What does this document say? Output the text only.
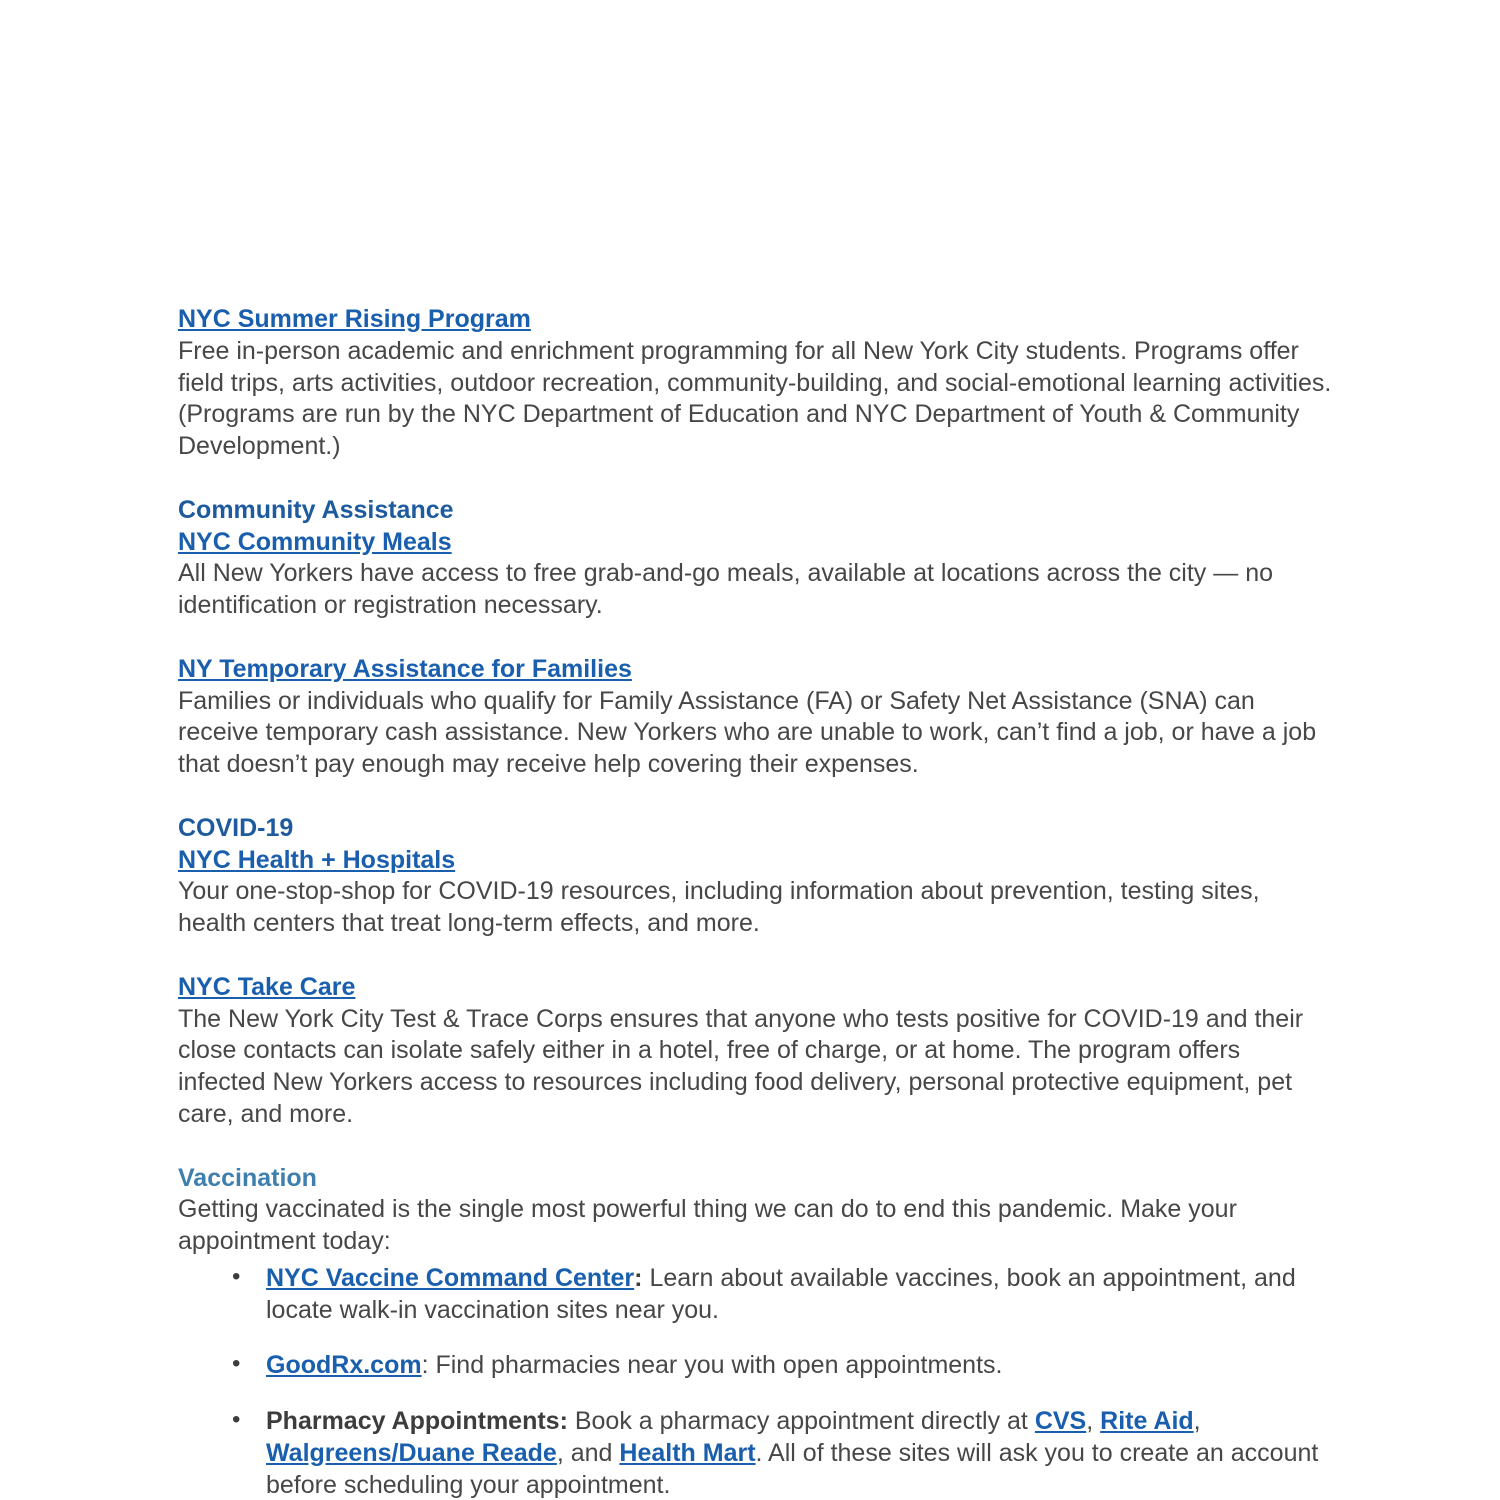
NYC Summer Rising Program

Free in-person academic and enrichment programming for all New York City students. Programs offer field trips, arts activities, outdoor recreation, community-building, and social-emotional learning activities. (Programs are run by the NYC Department of Education and NYC Department of Youth & Community Development.)

Community Assistance

NYC Community Meals

All New Yorkers have access to free grab-and-go meals, available at locations across the city — no identification or registration necessary.

NY Temporary Assistance for Families

Families or individuals who qualify for Family Assistance (FA) or Safety Net Assistance (SNA) can receive temporary cash assistance. New Yorkers who are unable to work, can’t find a job, or have a job that doesn’t pay enough may receive help covering their expenses.

COVID-19

NYC Health + Hospitals

Your one-stop-shop for COVID-19 resources, including information about prevention, testing sites, health centers that treat long-term effects, and more.

NYC Take Care

The New York City Test & Trace Corps ensures that anyone who tests positive for COVID-19 and their close contacts can isolate safely either in a hotel, free of charge, or at home. The program offers infected New Yorkers access to resources including food delivery, personal protective equipment, pet care, and more.

Vaccination

Getting vaccinated is the single most powerful thing we can do to end this pandemic. Make your appointment today:

• NYC Vaccine Command Center: Learn about available vaccines, book an appointment, and locate walk-in vaccination sites near you.
• GoodRx.com: Find pharmacies near you with open appointments.
• Pharmacy Appointments: Book a pharmacy appointment directly at CVS, Rite Aid, Walgreens/Duane Reade, and Health Mart. All of these sites will ask you to create an account before scheduling your appointment.
